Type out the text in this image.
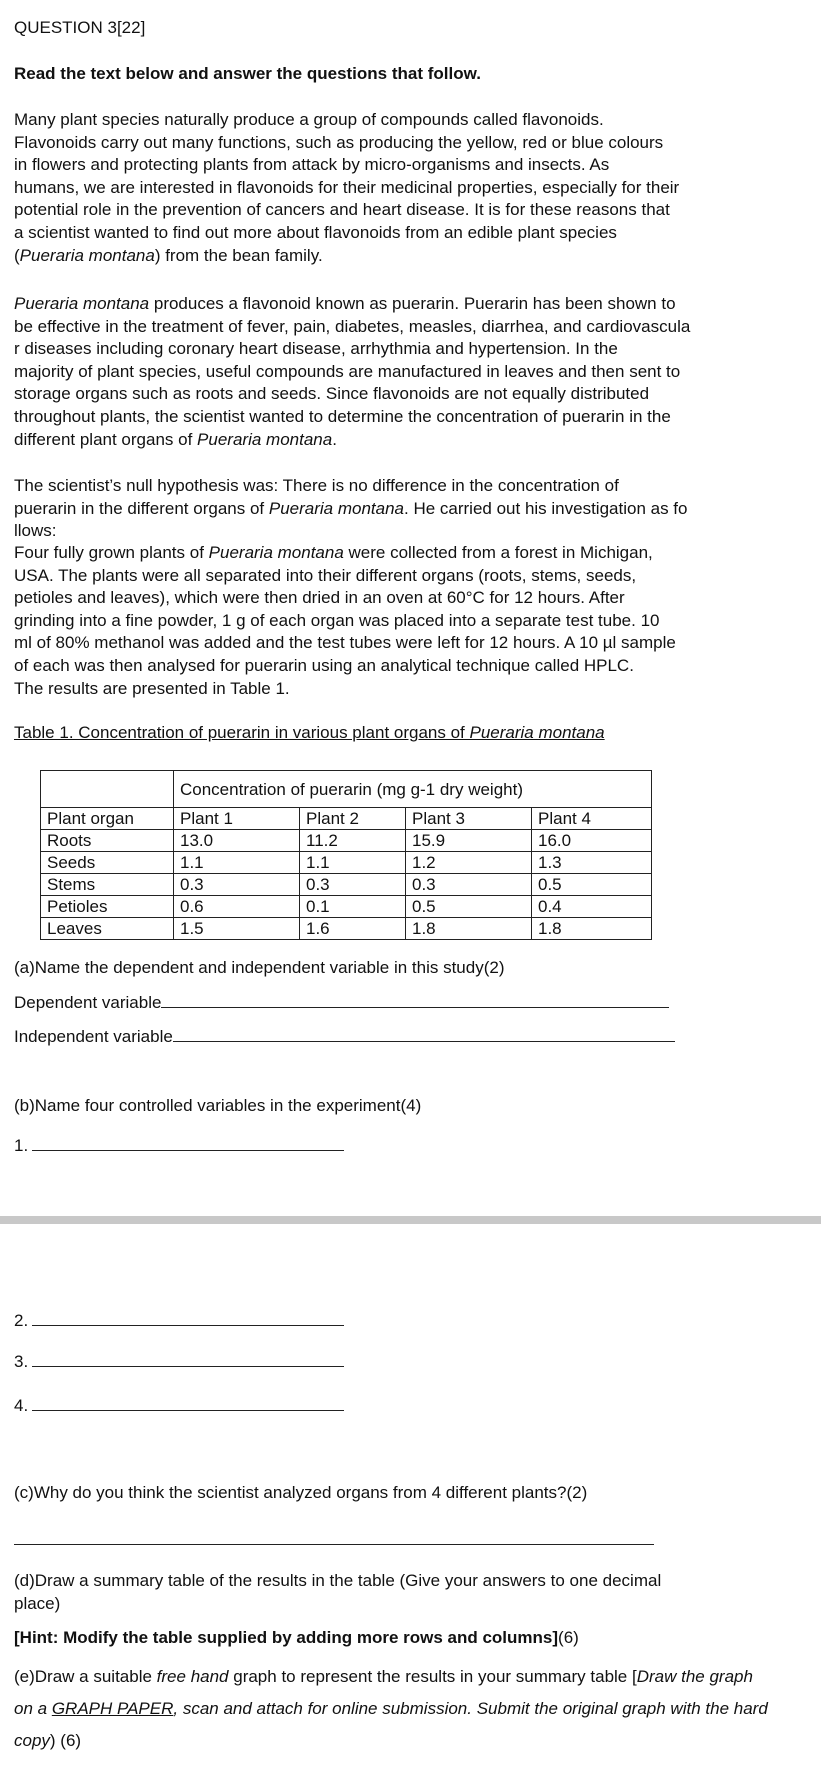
QUESTION 3[22]
Read the text below and answer the questions that follow.
Many plant species naturally produce a group of compounds called flavonoids.
Flavonoids carry out many functions, such as producing the yellow, red or blue colours
in flowers and protecting plants from attack by micro-organisms and insects. As
humans, we are interested in flavonoids for their medicinal properties, especially for their
potential role in the prevention of cancers and heart disease. It is for these reasons that
a scientist wanted to find out more about flavonoids from an edible plant species
(Pueraria montana) from the bean family.
Pueraria montana produces a flavonoid known as puerarin. Puerarin has been shown to
be effective in the treatment of fever, pain, diabetes, measles, diarrhea, and cardiovascula
r diseases including coronary heart disease, arrhythmia and hypertension. In the
majority of plant species, useful compounds are manufactured in leaves and then sent to
storage organs such as roots and seeds. Since flavonoids are not equally distributed
throughout plants, the scientist wanted to determine the concentration of puerarin in the
different plant organs of Pueraria montana.
The scientist’s null hypothesis was: There is no difference in the concentration of
puerarin in the different organs of Pueraria montana. He carried out his investigation as fo
llows:
Four fully grown plants of Pueraria montana were collected from a forest in Michigan,
USA. The plants were all separated into their different organs (roots, stems, seeds,
petioles and leaves), which were then dried in an oven at 60°C for 12 hours. After
grinding into a fine powder, 1 g of each organ was placed into a separate test tube. 10
ml of 80% methanol was added and the test tubes were left for 12 hours. A 10 µl sample
of each was then analysed for puerarin using an analytical technique called HPLC.
The results are presented in Table 1.
Table 1. Concentration of puerarin in various plant organs of Pueraria montana
	Concentration of puerarin (mg g-1 dry weight)			
Plant organ	Plant 1	Plant 2	Plant 3	Plant 4
Roots	13.0	11.2	15.9	16.0
Seeds	1.1	1.1	1.2	1.3
Stems	0.3	0.3	0.3	0.5
Petioles	0.6	0.1	0.5	0.4
Leaves	1.5	1.6	1.8	1.8
(a)Name the dependent and independent variable in this study(2)
Dependent variable
Independent variable
(b)Name four controlled variables in the experiment(4)
1.
2.
3.
4.
(c)Why do you think the scientist analyzed organs from 4 different plants?(2)
(d)Draw a summary table of the results in the table (Give your answers to one decimal
place)
[Hint: Modify the table supplied by adding more rows and columns](6)
(e)Draw a suitable free hand graph to represent the results in your summary table [Draw the graph on a GRAPH PAPER, scan and attach for online submission. Submit the original graph with the hard copy) (6)
